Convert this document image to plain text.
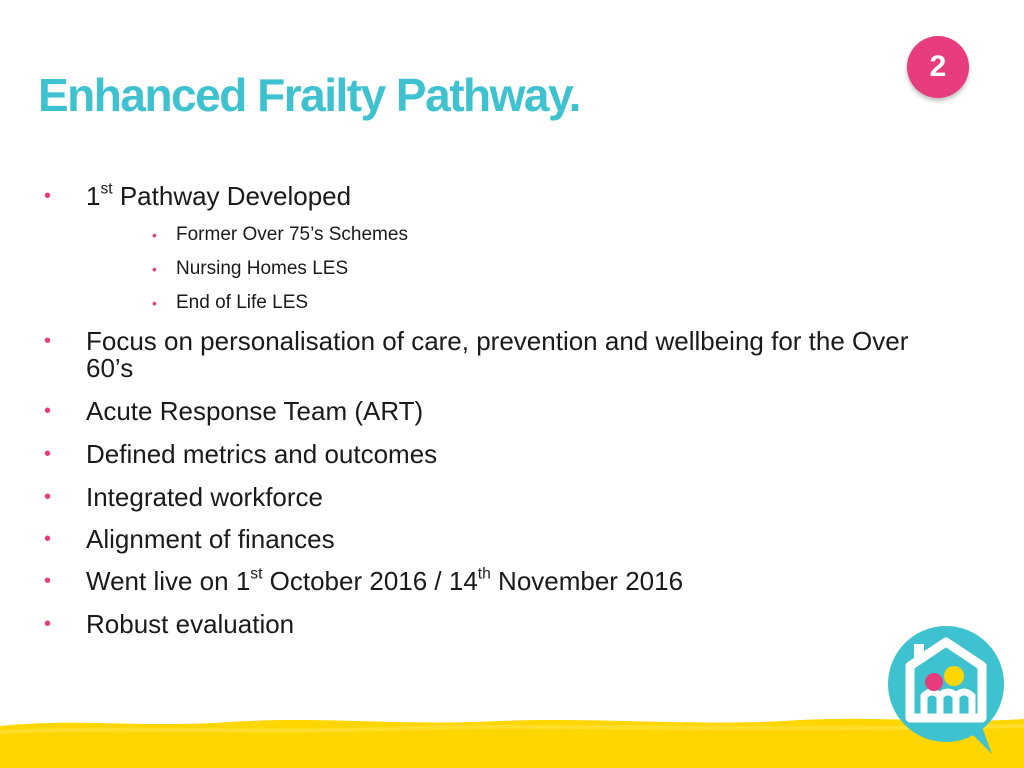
Enhanced Frailty Pathway.
2
• 1st Pathway Developed
• Former Over 75’s Schemes
• Nursing Homes LES
• End of Life LES
• Focus on personalisation of care, prevention and wellbeing for the Over 60’s
• Acute Response Team (ART)
• Defined metrics and outcomes
• Integrated workforce
• Alignment of finances
• Went live on 1st October 2016 / 14th November 2016
• Robust evaluation
